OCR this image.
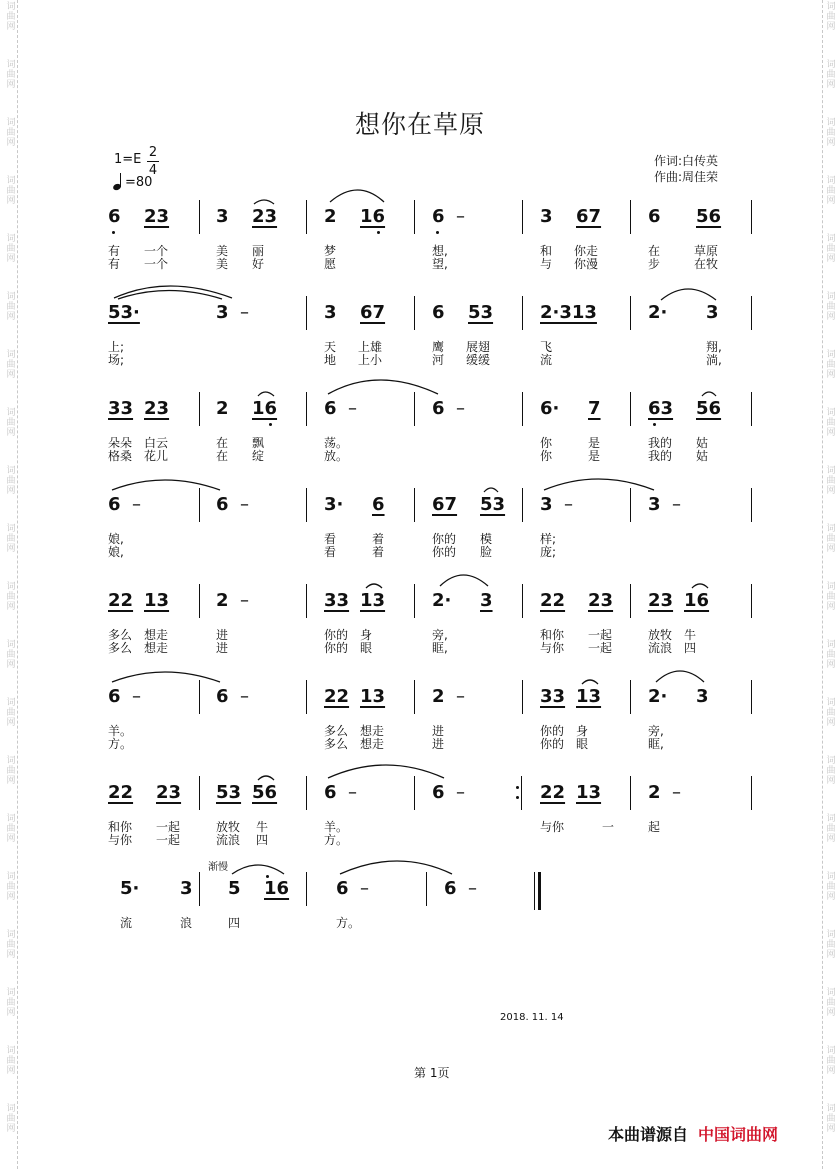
词
曲
网
词
曲
网
词
曲
网
词
曲
网
词
曲
网
词
曲
网
词
曲
网
词
曲
网
词
曲
网
词
曲
网
词
曲
网
词
曲
网
词
曲
网
词
曲
网
词
曲
网
词
曲
网
词
曲
网
词
曲
网
词
曲
网
词
曲
网
词
曲
网
词
曲
网
词
曲
网
词
曲
网
词
曲
网
词
曲
网
词
曲
网
词
曲
网
词
曲
网
词
曲
网
词
曲
网
词
曲
网
词
曲
网
词
曲
网
词
曲
网
词
曲
网
词
曲
网
词
曲
网
词
曲
网
词
曲
网
想你在草原
1=E 2
4
=80
作词:白传英
作曲:周佳荣
6 23	3 23	2 16	6 –	3 67	6 56
有 一个	美 丽	梦	想,	和 你走	在	草原
有 一个	美 好	愿	望,	与 你漫	步	在牧
53·	3 –	3 67	6 53	2·313	2· 3
上;	天 上雄	鹰 展翅	飞	翔,
场;	地 上小	河 缓缓	流	淌,
33 23	2 16	6 –	6 –	6· 7	63 56
朵朵 白云	在 飘	荡。	你	是	我的 姑
格桑 花儿	在 绽	放。	你	是	我的 姑
6 –	6 –	3· 6	67 53 3 –	3 –
娘,	看	着	你的 模	样;
娘,	看	着	你的 脸	庞;
22 13	2 –	33 13	2· 3	22 23 23 16
多么 想走	进	你的 身	旁,	和你 一起	放牧 牛
多么 想走	进	你的 眼	眶,	与你 一起	流浪 四
6 –	6 –	22 13	2 –	33 13	2· 3
羊。	多么 想走	进	你的 身	旁,
方。	多么 想走	进	你的 眼	眶,
22 23 53 56	6 –	6 –	22 13	2 –
和你 一起	放牧 牛	羊。	与你	一	起
与你 一起	流浪 四	方。
渐慢
5· 3 5 16	6 –	6 –
流	浪	四	方。
2018. 11. 14
第 1页
本曲谱源自 中国词曲网
